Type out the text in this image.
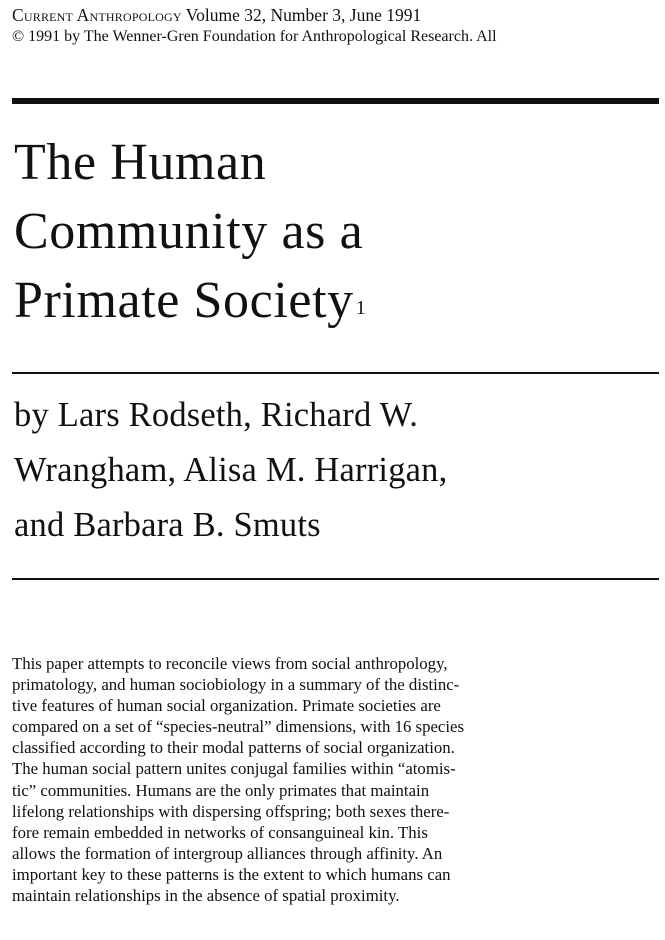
Current Anthropology Volume 32, Number 3, June 1991
© 1991 by The Wenner-Gren Foundation for Anthropological Research. All
The Human
Community as a
Primate Society $^1$
by Lars Rodseth, Richard W.
Wrangham, Alisa M. Harrigan,
and Barbara B. Smuts
This paper attempts to reconcile views from social anthropology,
primatology, and human sociobiology in a summary of the distinc-
tive features of human social organization. Primate societies are
compared on a set of “species-neutral” dimensions, with 16 species
classified according to their modal patterns of social organization.
The human social pattern unites conjugal families within “atomis-
tic” communities. Humans are the only primates that maintain
lifelong relationships with dispersing offspring; both sexes there-
fore remain embedded in networks of consanguineal kin. This
allows the formation of intergroup alliances through affinity. An
important key to these patterns is the extent to which humans can
maintain relationships in the absence of spatial proximity.
